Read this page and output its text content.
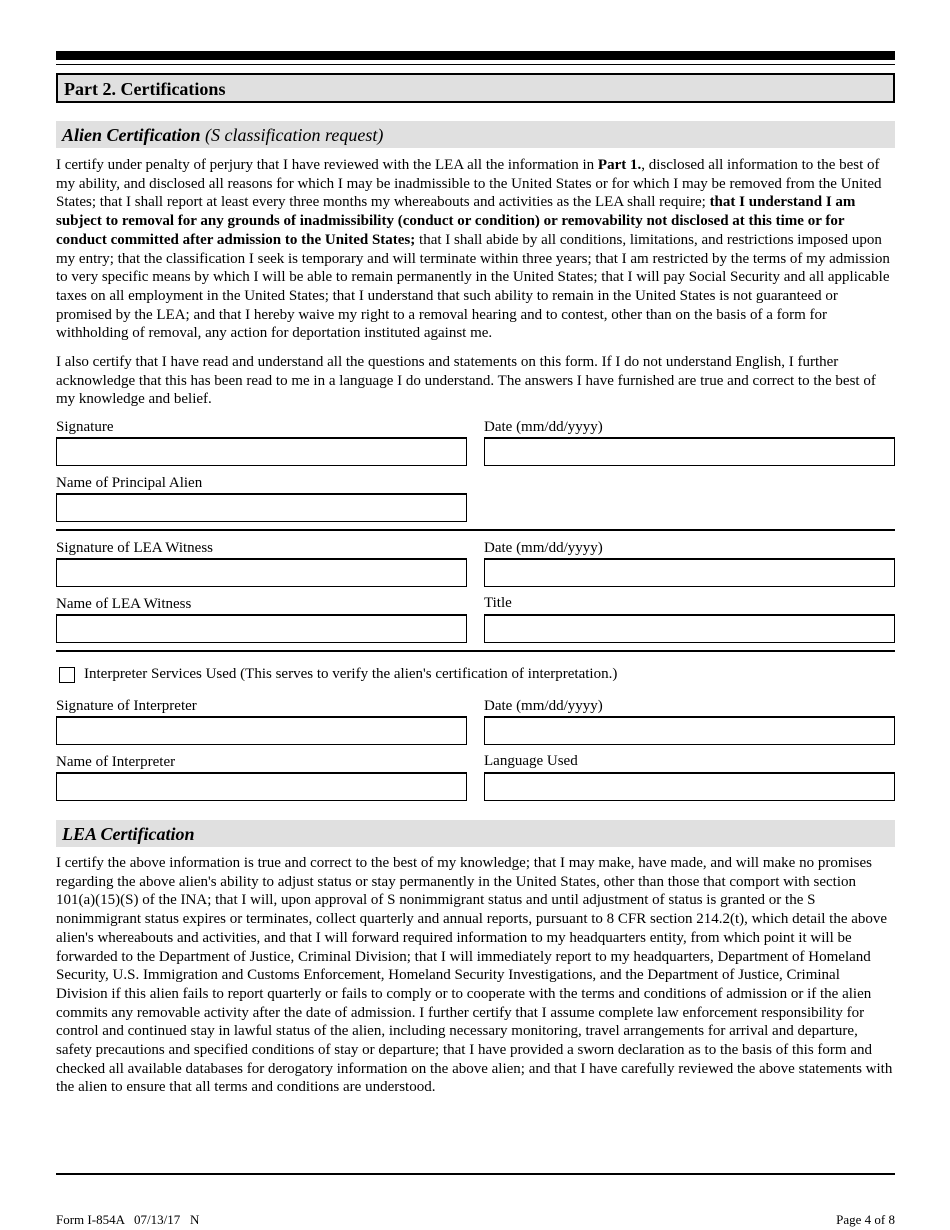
Part 2. Certifications
Alien Certification (S classification request)
I certify under penalty of perjury that I have reviewed with the LEA all the information in Part 1., disclosed all information to the best of my ability, and disclosed all reasons for which I may be inadmissible to the United States or for which I may be removed from the United States; that I shall report at least every three months my whereabouts and activities as the LEA shall require; that I understand I am subject to removal for any grounds of inadmissibility (conduct or condition) or removability not disclosed at this time or for conduct committed after admission to the United States; that I shall abide by all conditions, limitations, and restrictions imposed upon my entry; that the classification I seek is temporary and will terminate within three years; that I am restricted by the terms of my admission to very specific means by which I will be able to remain permanently in the United States; that I will pay Social Security and all applicable taxes on all employment in the United States; that I understand that such ability to remain in the United States is not guaranteed or promised by the LEA; and that I hereby waive my right to a removal hearing and to contest, other than on the basis of a form for withholding of removal, any action for deportation instituted against me.
I also certify that I have read and understand all the questions and statements on this form. If I do not understand English, I further acknowledge that this has been read to me in a language I do understand. The answers I have furnished are true and correct to the best of my knowledge and belief.
Signature	Date (mm/dd/yyyy)
Name of Principal Alien
Signature of LEA Witness	Date (mm/dd/yyyy)
Name of LEA Witness	Title
Interpreter Services Used (This serves to verify the alien's certification of interpretation.)
Signature of Interpreter	Date (mm/dd/yyyy)
Name of Interpreter	Language Used
LEA Certification
I certify the above information is true and correct to the best of my knowledge; that I may make, have made, and will make no promises regarding the above alien's ability to adjust status or stay permanently in the United States, other than those that comport with section 101(a)(15)(S) of the INA; that I will, upon approval of S nonimmigrant status and until adjustment of status is granted or the S nonimmigrant status expires or terminates, collect quarterly and annual reports, pursuant to 8 CFR section 214.2(t), which detail the above alien's whereabouts and activities, and that I will forward required information to my headquarters entity, from which point it will be forwarded to the Department of Justice, Criminal Division; that I will immediately report to my headquarters, Department of Homeland Security, U.S. Immigration and Customs Enforcement, Homeland Security Investigations, and the Department of Justice, Criminal Division if this alien fails to report quarterly or fails to comply or to cooperate with the terms and conditions of admission or if the alien commits any removable activity after the date of admission. I further certify that I assume complete law enforcement responsibility for control and continued stay in lawful status of the alien, including necessary monitoring, travel arrangements for arrival and departure, safety precautions and specified conditions of stay or departure; that I have provided a sworn declaration as to the basis of this form and checked all available databases for derogatory information on the above alien; and that I have carefully reviewed the above statements with the alien to ensure that all terms and conditions are understood.
Form I-854A   07/13/17   N	Page 4 of 8
